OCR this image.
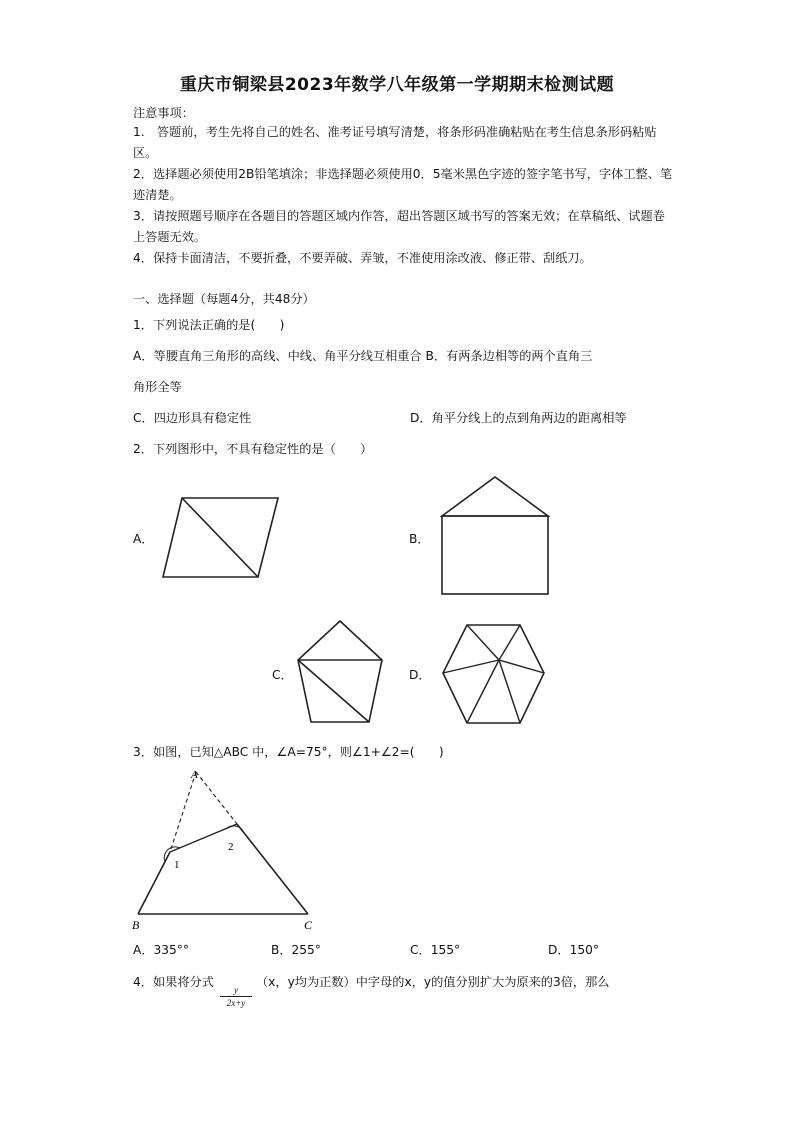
重庆市铜梁县2023年数学八年级第一学期期末检测试题
注意事项：
1.　答题前，考生先将自己的姓名、准考证号填写清楚，将条形码准确粘贴在考生信息条形码粘贴区。
2．选择题必须使用2B铅笔填涂；非选择题必须使用0．5毫米黑色字迹的签字笔书写，字体工整、笔迹清楚。
3．请按照题号顺序在各题目的答题区域内作答，超出答题区域书写的答案无效；在草稿纸、试题卷上答题无效。
4．保持卡面清洁，不要折叠，不要弄破、弄皱，不准使用涂改液、修正带、刮纸刀。
一、选择题（每题4分，共48分）
1．下列说法正确的是(　　)
A．等腰直角三角形的高线、中线、角平分线互相重合 B．有两条边相等的两个直角三
角形全等
C．四边形具有稳定性	D．角平分线上的点到角两边的距离相等
2．下列图形中，不具有稳定性的是（　　）
A．	B．
C．	D．
3．如图，已知△ABC 中，∠A=75°，则∠1+∠2=(　　)
A
B	C
1
2
A．335°°	B．255°	C．155°	D．150°
4．如果将分式
$\frac{y}{2x+y}$
（x，y均为正数）中字母的x，y的值分别扩大为原来的3倍，那么
